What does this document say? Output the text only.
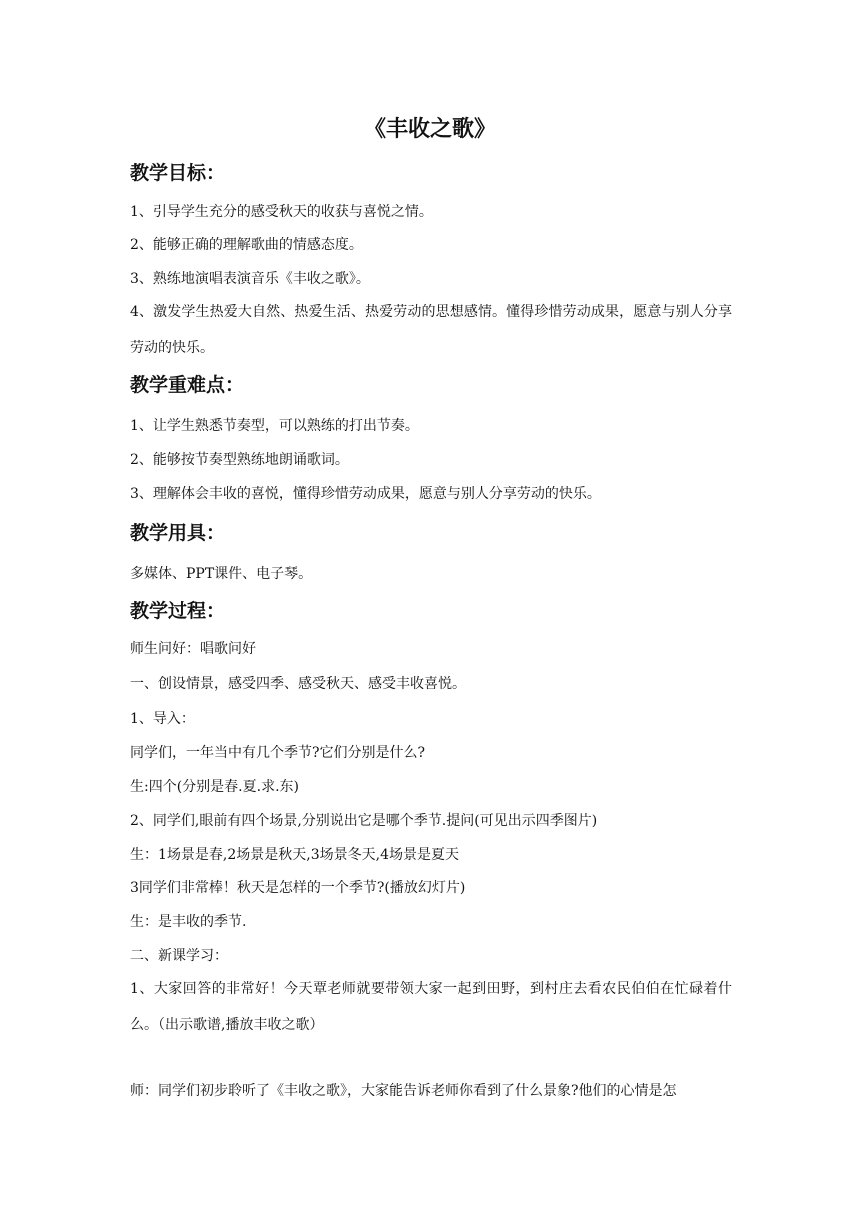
《丰收之歌》
教学目标：
1、引导学生充分的感受秋天的收获与喜悦之情。
2、能够正确的理解歌曲的情感态度。
3、熟练地演唱表演音乐《丰收之歌》。
4、激发学生热爱大自然、热爱生活、热爱劳动的思想感情。懂得珍惜劳动成果，愿意与别人分享劳动的快乐。
教学重难点：
1、让学生熟悉节奏型，可以熟练的打出节奏。
2、能够按节奏型熟练地朗诵歌词。
3、理解体会丰收的喜悦，懂得珍惜劳动成果，愿意与别人分享劳动的快乐。
教学用具：
多媒体、PPT课件、电子琴。
教学过程：
师生问好：唱歌问好
一、创设情景，感受四季、感受秋天、感受丰收喜悦。
1、导入：
同学们，一年当中有几个季节?它们分别是什么?
生:四个(分别是春.夏.求.东)
2、同学们,眼前有四个场景,分别说出它是哪个季节.提问(可见出示四季图片)
生：1场景是春,2场景是秋天,3场景冬天,4场景是夏天
3同学们非常棒！秋天是怎样的一个季节?(播放幻灯片)
生：是丰收的季节.
二、新课学习：
1、大家回答的非常好！今天覃老师就要带领大家一起到田野，到村庄去看农民伯伯在忙碌着什么。（出示歌谱,播放丰收之歌）
师：同学们初步聆听了《丰收之歌》，大家能告诉老师你看到了什么景象?他们的心情是怎
